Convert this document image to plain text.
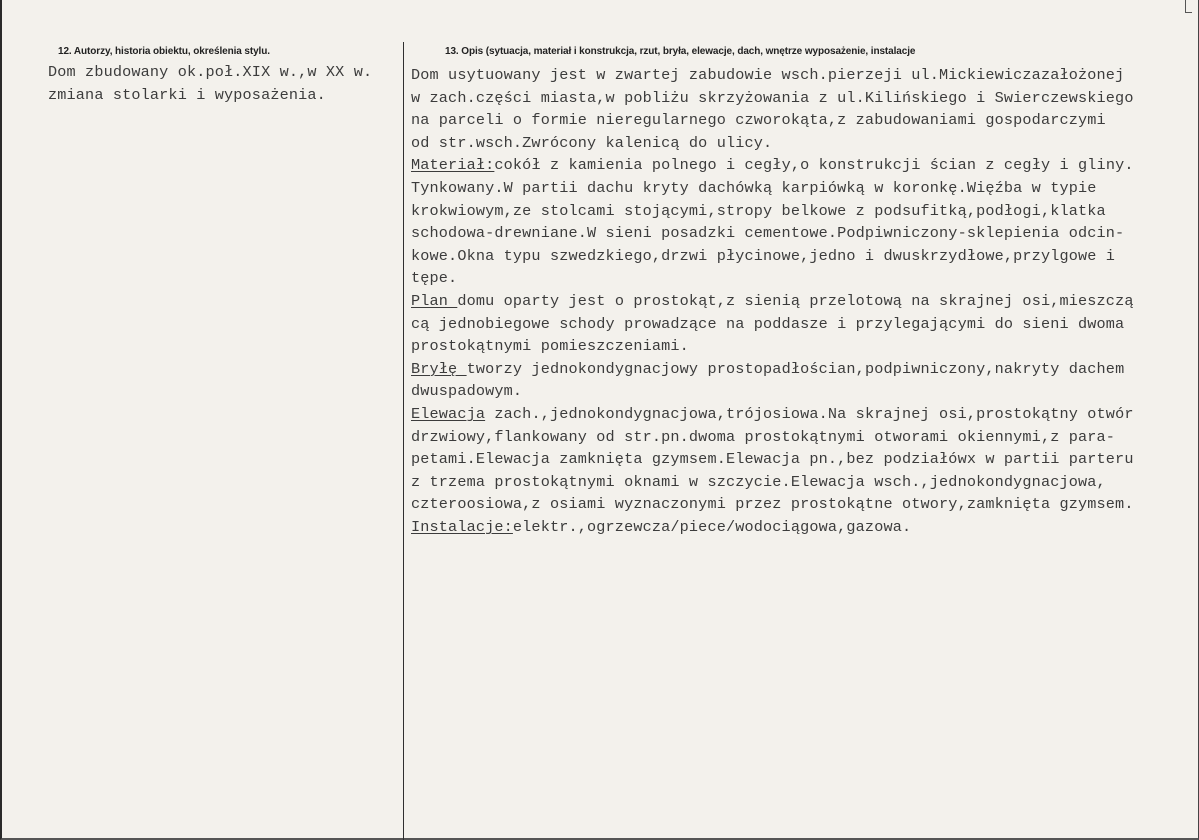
12. Autorzy, historia obiektu, określenia stylu.	13. Opis (sytuacja, materiał i konstrukcja, rzut, bryła, elewacje, dach, wnętrze wyposażenie, instalacje
Dom zbudowany ok.poł.XIX w.,w XX w.
zmiana stolarki i wyposażenia.
Dom usytuowany jest w zwartej zabudowie wsch.pierzeji ul.Mickiewiczazałożonej
w zach.części miasta,w pobliżu skrzyżowania z ul.Kilińskiego i Swierczewskiego
na parceli o formie nieregularnego czworokąta,z zabudowaniami gospodarczymi
od str.wsch.Zwrócony kalenicą do ulicy.
Materiał:cokół z kamienia polnego i cegły,o konstrukcji ścian z cegły i gliny.
Tynkowany.W partii dachu kryty dachówką karpiówką w koronkę.Więźba w typie
krokwiowym,ze stolcami stojącymi,stropy belkowe z podsufitką,podłogi,klatka
schodowa-drewniane.W sieni posadzki cementowe.Podpiwniczony-sklepienia odcin-
kowe.Okna typu szwedzkiego,drzwi płycinowe,jedno i dwuskrzydłowe,przylgowe i
tępe.
Plan domu oparty jest o prostokąt,z sienią przelotową na skrajnej osi,mieszczą
cą jednobiegowe schody prowadzące na poddasze i przylegającymi do sieni dwoma
prostokątnymi pomieszczeniami.
Bryłę tworzy jednokondygnacjowy prostopadłościan,podpiwniczony,nakryty dachem
dwuspadowym.
Elewacja zach.,jednokondygnacjowa,trójosiowa.Na skrajnej osi,prostokątny otwór
drzwiowy,flankowany od str.pn.dwoma prostokątnymi otworami okiennymi,z para-
petami.Elewacja zamknięta gzymsem.Elewacja pn.,bez podziałówx w partii parteru
z trzema prostokątnymi oknami w szczycie.Elewacja wsch.,jednokondygnacjowa,
czteroosiowa,z osiami wyznaczonymi przez prostokątne otwory,zamknięta gzymsem.
Instalacje:elektr.,ogrzewcza/piece/wodociągowa,gazowa.
